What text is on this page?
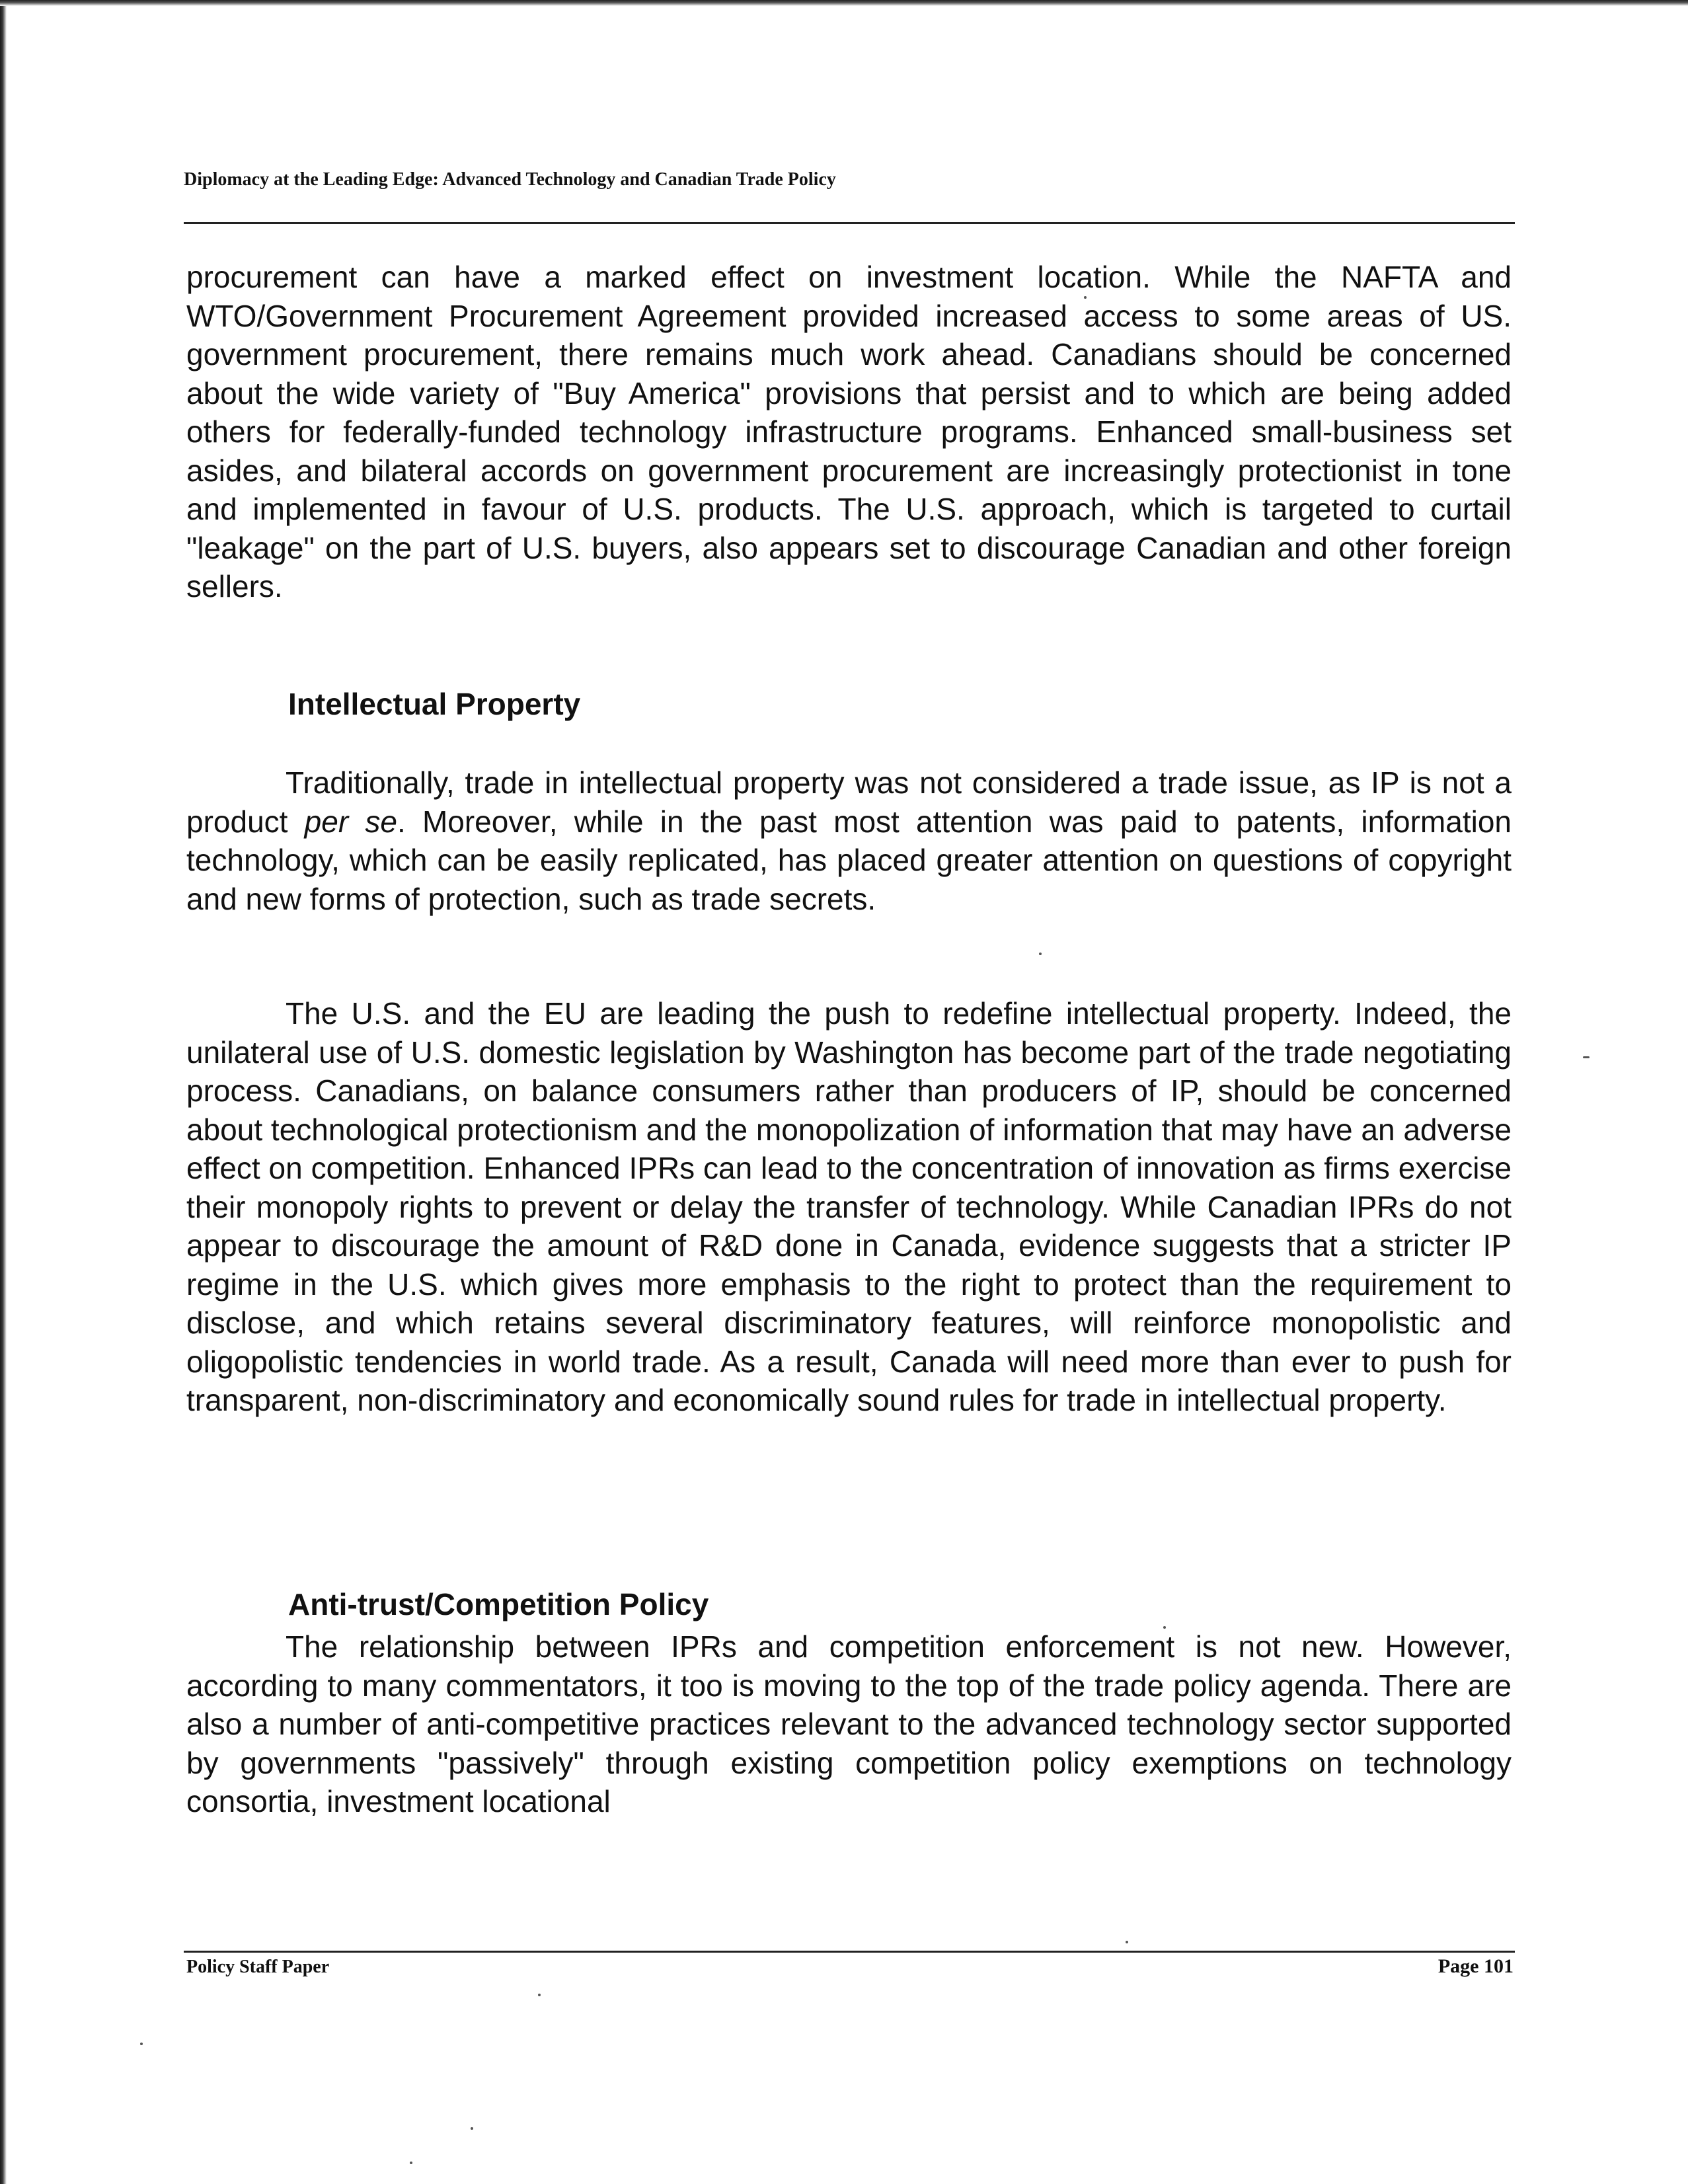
Diplomacy at the Leading Edge: Advanced Technology and Canadian Trade Policy

procurement can have a marked effect on investment location. While the NAFTA and WTO/Government Procurement Agreement provided increased access to some areas of US. government procurement, there remains much work ahead. Canadians should be concerned about the wide variety of "Buy America" provisions that persist and to which are being added others for federally-funded technology infrastructure programs. Enhanced small-business set asides, and bilateral accords on government procurement are increasingly protectionist in tone and implemented in favour of U.S. products. The U.S. approach, which is targeted to curtail "leakage" on the part of U.S. buyers, also appears set to discourage Canadian and other foreign sellers.

Intellectual Property

Traditionally, trade in intellectual property was not considered a trade issue, as IP is not a product per se. Moreover, while in the past most attention was paid to patents, information technology, which can be easily replicated, has placed greater attention on questions of copyright and new forms of protection, such as trade secrets.

The U.S. and the EU are leading the push to redefine intellectual property. Indeed, the unilateral use of U.S. domestic legislation by Washington has become part of the trade negotiating process. Canadians, on balance consumers rather than producers of IP, should be concerned about technological protectionism and the monopolization of information that may have an adverse effect on competition. Enhanced IPRs can lead to the concentration of innovation as firms exercise their monopoly rights to prevent or delay the transfer of technology. While Canadian IPRs do not appear to discourage the amount of R&D done in Canada, evidence suggests that a stricter IP regime in the U.S. which gives more emphasis to the right to protect than the requirement to disclose, and which retains several discriminatory features, will reinforce monopolistic and oligopolistic tendencies in world trade. As a result, Canada will need more than ever to push for transparent, non-discriminatory and economically sound rules for trade in intellectual property.

Anti-trust/Competition Policy

The relationship between IPRs and competition enforcement is not new. However, according to many commentators, it too is moving to the top of the trade policy agenda. There are also a number of anti-competitive practices relevant to the advanced technology sector supported by governments "passively" through existing competition policy exemptions on technology consortia, investment locational

Policy Staff Paper	Page 101
